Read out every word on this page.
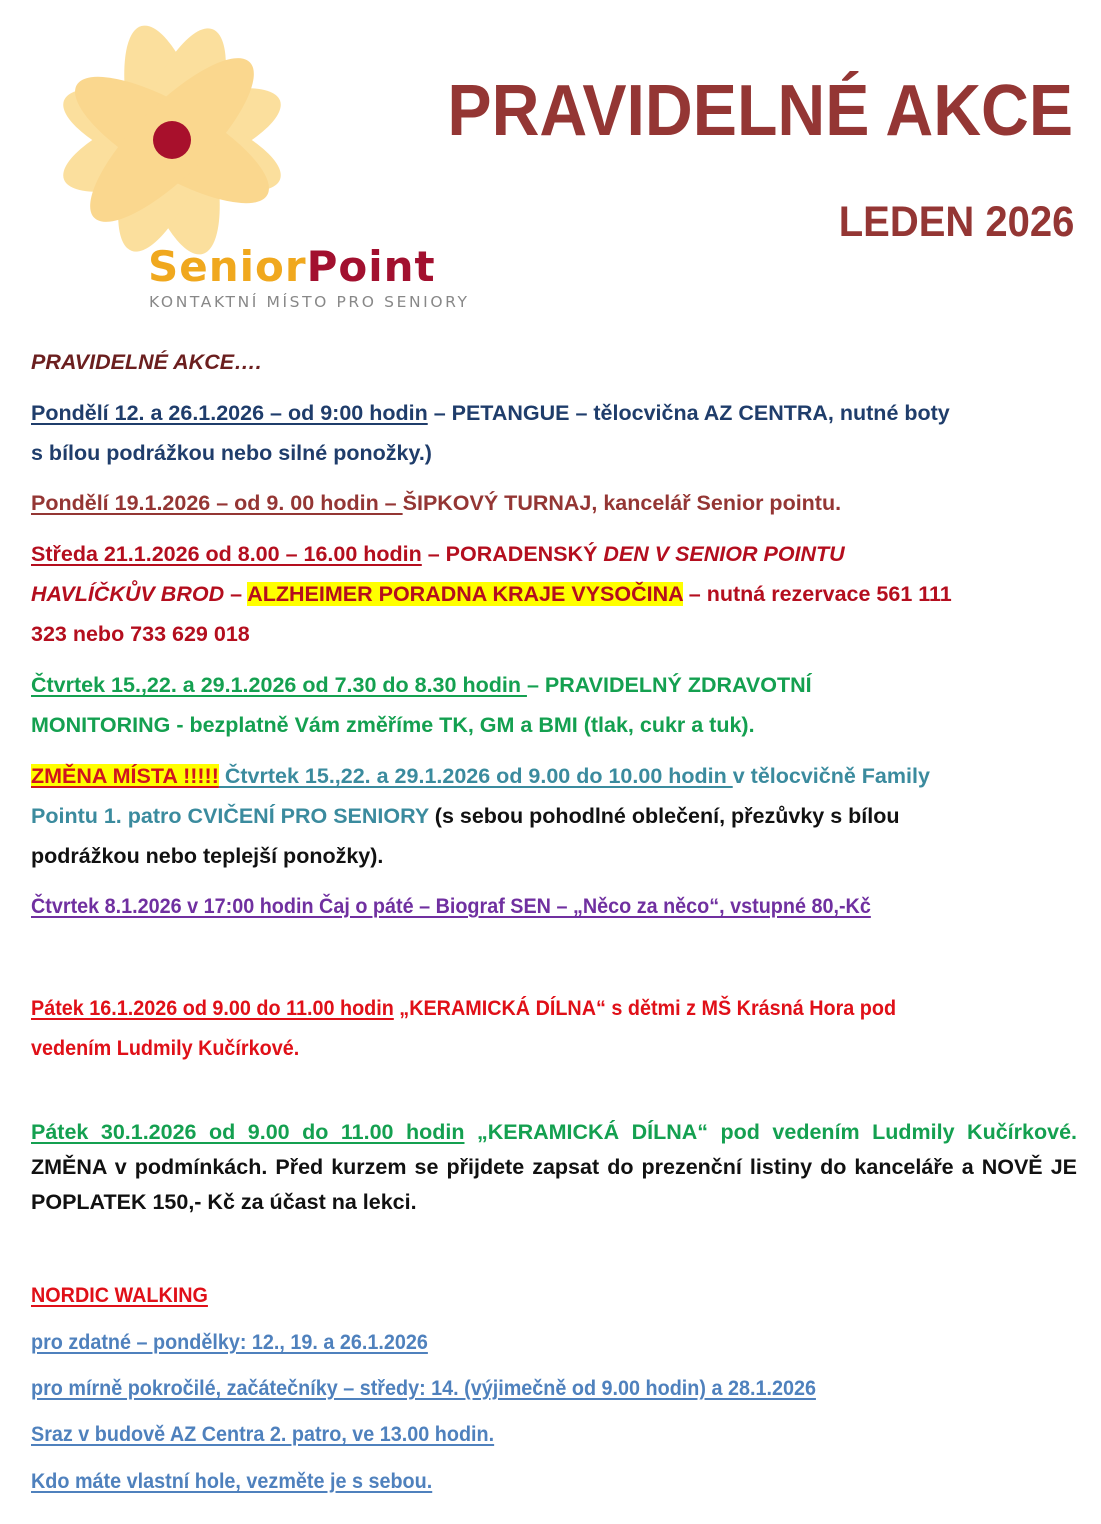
SeniorPoint
KONTAKTNÍ MÍSTO PRO SENIORY
PRAVIDELNÉ AKCE
LEDEN 2026
PRAVIDELNÉ AKCE….
Pondělí 12. a 26.1.2026 – od 9:00 hodin – PETANGUE – tělocvična AZ CENTRA, nutné boty
s bílou podrážkou nebo silné ponožky.)
Pondělí 19.1.2026 – od 9. 00 hodin – ŠIPKOVÝ TURNAJ, kancelář Senior pointu.
Středa 21.1.2026 od 8.00 – 16.00 hodin – PORADENSKÝ DEN V SENIOR POINTU
HAVLÍČKŮV BROD – ALZHEIMER PORADNA KRAJE VYSOČINA – nutná rezervace 561 111
323 nebo 733 629 018
Čtvrtek 15.,22. a 29.1.2026 od 7.30 do 8.30 hodin – PRAVIDELNÝ ZDRAVOTNÍ
MONITORING - bezplatně Vám změříme TK, GM a BMI (tlak, cukr a tuk).
ZMĚNA MÍSTA !!!!! Čtvrtek 15.,22. a 29.1.2026 od 9.00 do 10.00 hodin v tělocvičně Family
Pointu 1. patro CVIČENÍ PRO SENIORY (s sebou pohodlné oblečení, přezůvky s bílou
podrážkou nebo teplejší ponožky).
Čtvrtek 8.1.2026 v 17:00 hodin Čaj o páté – Biograf SEN – „Něco za něco“, vstupné 80,-Kč
Pátek 16.1.2026 od 9.00 do 11.00 hodin „KERAMICKÁ DÍLNA“ s dětmi z MŠ Krásná Hora pod vedením Ludmily Kučírkové.
Pátek 30.1.2026 od 9.00 do 11.00 hodin „KERAMICKÁ DÍLNA“ pod vedením Ludmily Kučírkové. ZMĚNA v podmínkách. Před kurzem se přijdete zapsat do prezenční listiny do kanceláře a NOVĚ JE POPLATEK 150,- Kč za účast na lekci.
NORDIC WALKING
pro zdatné – pondělky: 12., 19. a 26.1.2026
pro mírně pokročilé, začátečníky – středy: 14. (výjimečně od 9.00 hodin) a 28.1.2026
Sraz v budově AZ Centra 2. patro, ve 13.00 hodin.
Kdo máte vlastní hole, vezměte je s sebou.
